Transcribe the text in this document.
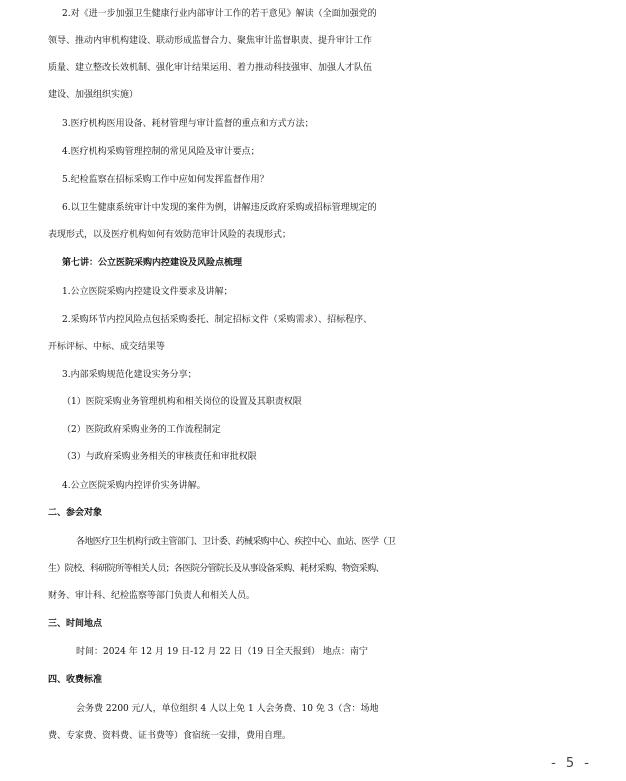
2.对《进一步加强卫生健康行业内部审计工作的若干意见》解读（全面加强党的
领导、推动内审机构建设、联动形成监督合力、聚焦审计监督职责、提升审计工作
质量、建立整改长效机制、强化审计结果运用、着力推动科技强审、加强人才队伍
建设、加强组织实施）
3.医疗机构医用设备、耗材管理与审计监督的重点和方式方法；
4.医疗机构采购管理控制的常见风险及审计要点；
5.纪检监察在招标采购工作中应如何发挥监督作用？
6.以卫生健康系统审计中发现的案件为例，讲解违反政府采购或招标管理规定的
表现形式，以及医疗机构如何有效防范审计风险的表现形式；
第七讲：公立医院采购内控建设及风险点梳理
1.公立医院采购内控建设文件要求及讲解；
2.采购环节内控风险点包括采购委托、制定招标文件（采购需求）、招标程序、
开标评标、中标、成交结果等
3.内部采购规范化建设实务分享；
（1）医院采购业务管理机构和相关岗位的设置及其职责权限
（2）医院政府采购业务的工作流程制定
（3）与政府采购业务相关的审核责任和审批权限
4.公立医院采购内控评价实务讲解。
二、参会对象
各地医疗卫生机构行政主管部门、卫计委、药械采购中心、疾控中心、血站、医学（卫
生）院校、科研院所等相关人员；各医院分管院长及从事设备采购、耗材采购、物资采购、
财务、审计科、纪检监察等部门负责人和相关人员。
三、时间地点
时间：2024 年 12 月 19 日-12 月 22 日（19 日全天报到） 地点：南宁
四、收费标准
会务费 2200 元/人，单位组织 4 人以上免 1 人会务费、10 免 3（含：场地
费、专家费、资料费、证书费等）食宿统一安排，费用自理。
- 5 -
